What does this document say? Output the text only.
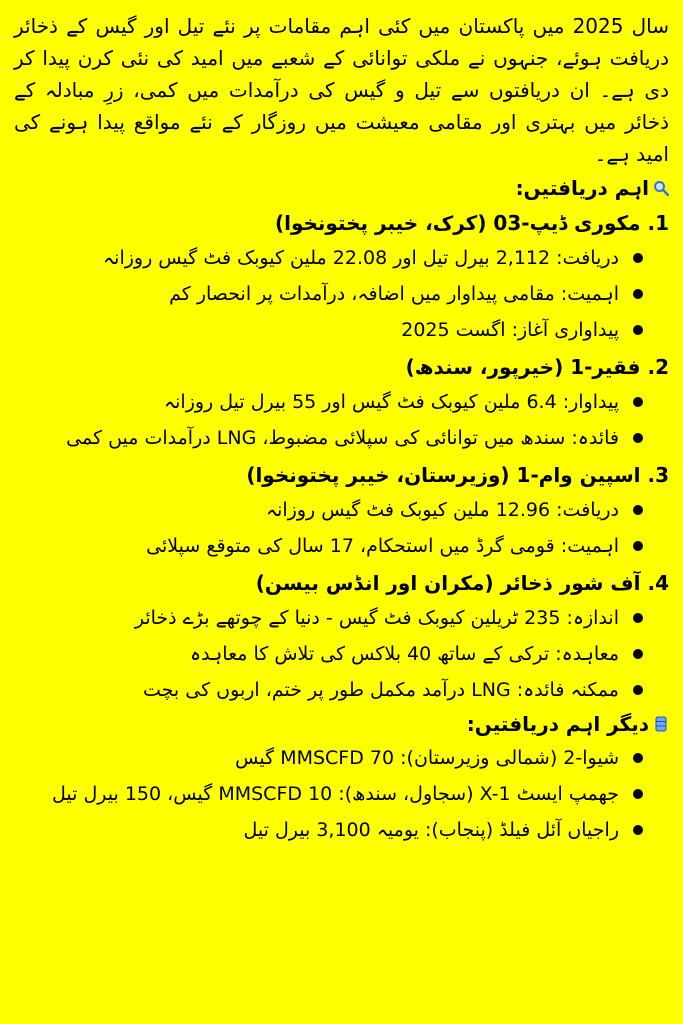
سال 2025 میں پاکستان میں کئی اہم مقامات پر نئے تیل اور گیس کے ذخائر دریافت ہوئے، جنہوں نے ملکی توانائی کے شعبے میں امید کی نئی کرن پیدا کر دی ہے۔ ان دریافتوں سے تیل و گیس کی درآمدات میں کمی، زرِ مبادلہ کے ذخائر میں بہتری اور مقامی معیشت میں روزگار کے نئے مواقع پیدا ہونے کی امید ہے۔

اہم دریافتیں:
1. مکوری ڈیپ-03 (کرک، خیبر پختونخوا)
دریافت: 2,112 بیرل تیل اور 22.08 ملین کیوبک فٹ گیس روزانہ
اہمیت: مقامی پیداوار میں اضافہ، درآمدات پر انحصار کم
پیداواری آغاز: اگست 2025
2. فقیر-1 (خیرپور، سندھ)
پیداوار: 6.4 ملین کیوبک فٹ گیس اور 55 بیرل تیل روزانہ
فائدہ: سندھ میں توانائی کی سپلائی مضبوط، LNG درآمدات میں کمی
3. اسپین وام-1 (وزیرستان، خیبر پختونخوا)
دریافت: 12.96 ملین کیوبک فٹ گیس روزانہ
اہمیت: قومی گرڈ میں استحکام، 17 سال کی متوقع سپلائی
4. آف شور ذخائر (مکران اور انڈس بیسن)
اندازہ: 235 ٹریلین کیوبک فٹ گیس - دنیا کے چوتھے بڑے ذخائر
معاہدہ: ترکی کے ساتھ 40 بلاکس کی تلاش کا معاہدہ
ممکنہ فائدہ: LNG درآمد مکمل طور پر ختم، اربوں کی بچت
دیگر اہم دریافتیں:
شیوا-2 (شمالی وزیرستان): 70 MMSCFD گیس
جھمپ ایسٹ X-1 (سجاول، سندھ): 10 MMSCFD گیس، 150 بیرل تیل
راجیاں آئل فیلڈ (پنجاب): یومیہ 3,100 بیرل تیل
